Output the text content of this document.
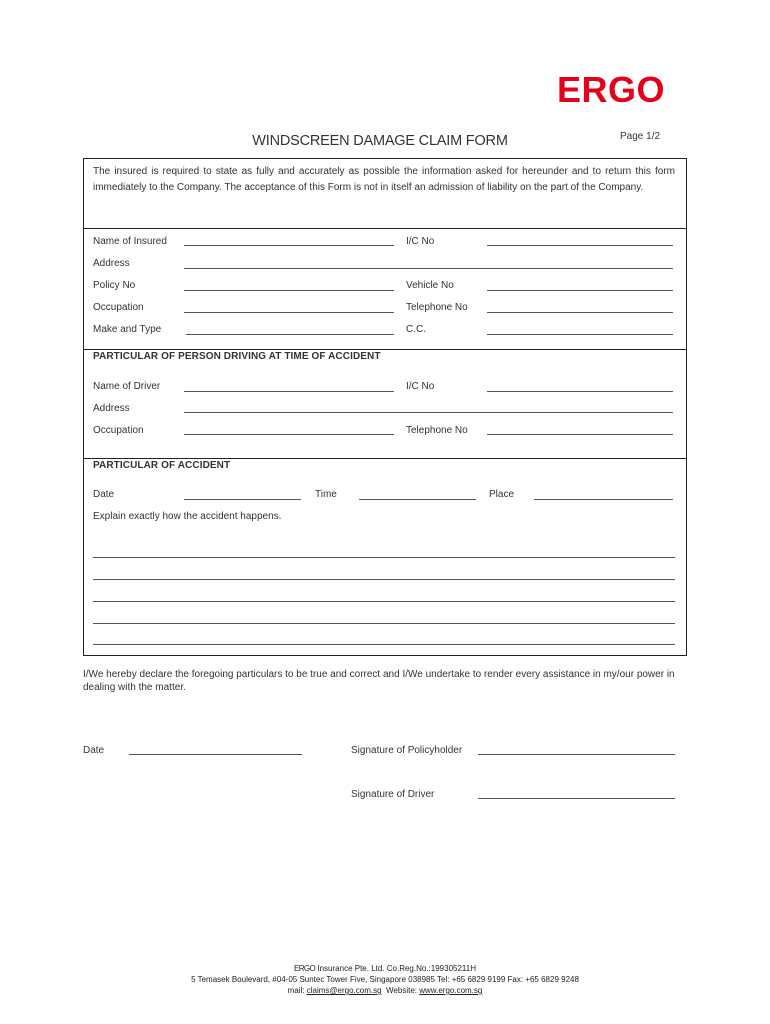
ERGO
WINDSCREEN DAMAGE CLAIM FORM	Page 1/2
The insured is required to state as fully and accurately as possible the information asked for hereunder and to return this form immediately to the Company. The acceptance of this Form is not in itself an admission of liability on the part of the Company.
Name of Insured	I/C No
Address
Policy No	Vehicle No
Occupation	Telephone No
Make and Type	C.C.
PARTICULAR OF PERSON DRIVING AT TIME OF ACCIDENT
Name of Driver	I/C No
Address
Occupation	Telephone No
PARTICULAR OF ACCIDENT
Date	Time	Place
Explain exactly how the accident happens.
I/We hereby declare the foregoing particulars to be true and correct and I/We undertake to render every assistance in my/our power in dealing with the matter.
Date	Signature of Policyholder
Signature of Driver
ERGO Insurance Pte. Ltd. Co.Reg.No.:199305211H
5 Temasek Boulevard, #04-05 Suntec Tower Five, Singapore 038985 Tel: +65 6829 9199 Fax: +65 6829 9248
mail: claims@ergo.com.sg  Website: www.ergo.com.sg
